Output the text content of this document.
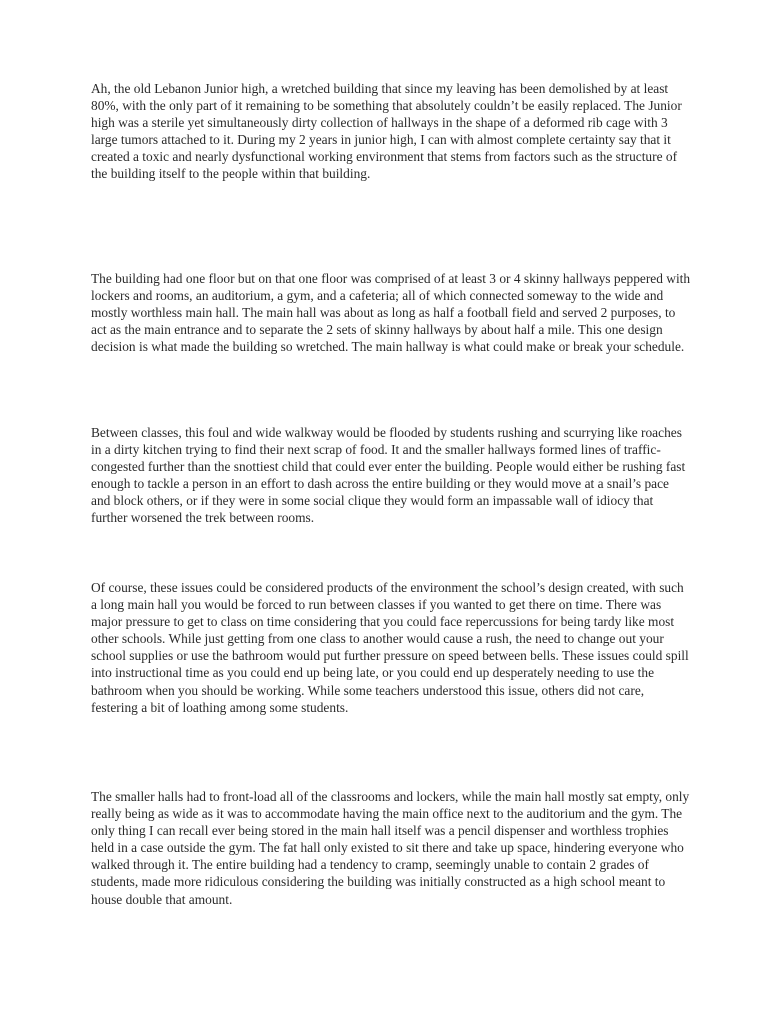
Ah, the old Lebanon Junior high, a wretched building that since my leaving has been demolished by at least 80%, with the only part of it remaining to be something that absolutely couldn’t be easily replaced. The Junior high was a sterile yet simultaneously dirty collection of hallways in the shape of a deformed rib cage with 3 large tumors attached to it. During my 2 years in junior high, I can with almost complete certainty say that it created a toxic and nearly dysfunctional working environment that stems from factors such as the structure of the building itself to the people within that building.

The building had one floor but on that one floor was comprised of at least 3 or 4 skinny hallways peppered with lockers and rooms, an auditorium, a gym, and a cafeteria; all of which connected someway to the wide and mostly worthless main hall. The main hall was about as long as half a football field and served 2 purposes, to act as the main entrance and to separate the 2 sets of skinny hallways by about half a mile. This one design decision is what made the building so wretched. The main hallway is what could make or break your schedule.

Between classes, this foul and wide walkway would be flooded by students rushing and scurrying like roaches in a dirty kitchen trying to find their next scrap of food. It and the smaller hallways formed lines of traffic-congested further than the snottiest child that could ever enter the building. People would either be rushing fast enough to tackle a person in an effort to dash across the entire building or they would move at a snail’s pace and block others, or if they were in some social clique they would form an impassable wall of idiocy that further worsened the trek between rooms.

Of course, these issues could be considered products of the environment the school’s design created, with such a long main hall you would be forced to run between classes if you wanted to get there on time. There was major pressure to get to class on time considering that you could face repercussions for being tardy like most other schools. While just getting from one class to another would cause a rush, the need to change out your school supplies or use the bathroom would put further pressure on speed between bells. These issues could spill into instructional time as you could end up being late, or you could end up desperately needing to use the bathroom when you should be working. While some teachers understood this issue, others did not care, festering a bit of loathing among some students.

The smaller halls had to front-load all of the classrooms and lockers, while the main hall mostly sat empty, only really being as wide as it was to accommodate having the main office next to the auditorium and the gym. The only thing I can recall ever being stored in the main hall itself was a pencil dispenser and worthless trophies held in a case outside the gym. The fat hall only existed to sit there and take up space, hindering everyone who walked through it. The entire building had a tendency to cramp, seemingly unable to contain 2 grades of students, made more ridiculous considering the building was initially constructed as a high school meant to house double that amount.
